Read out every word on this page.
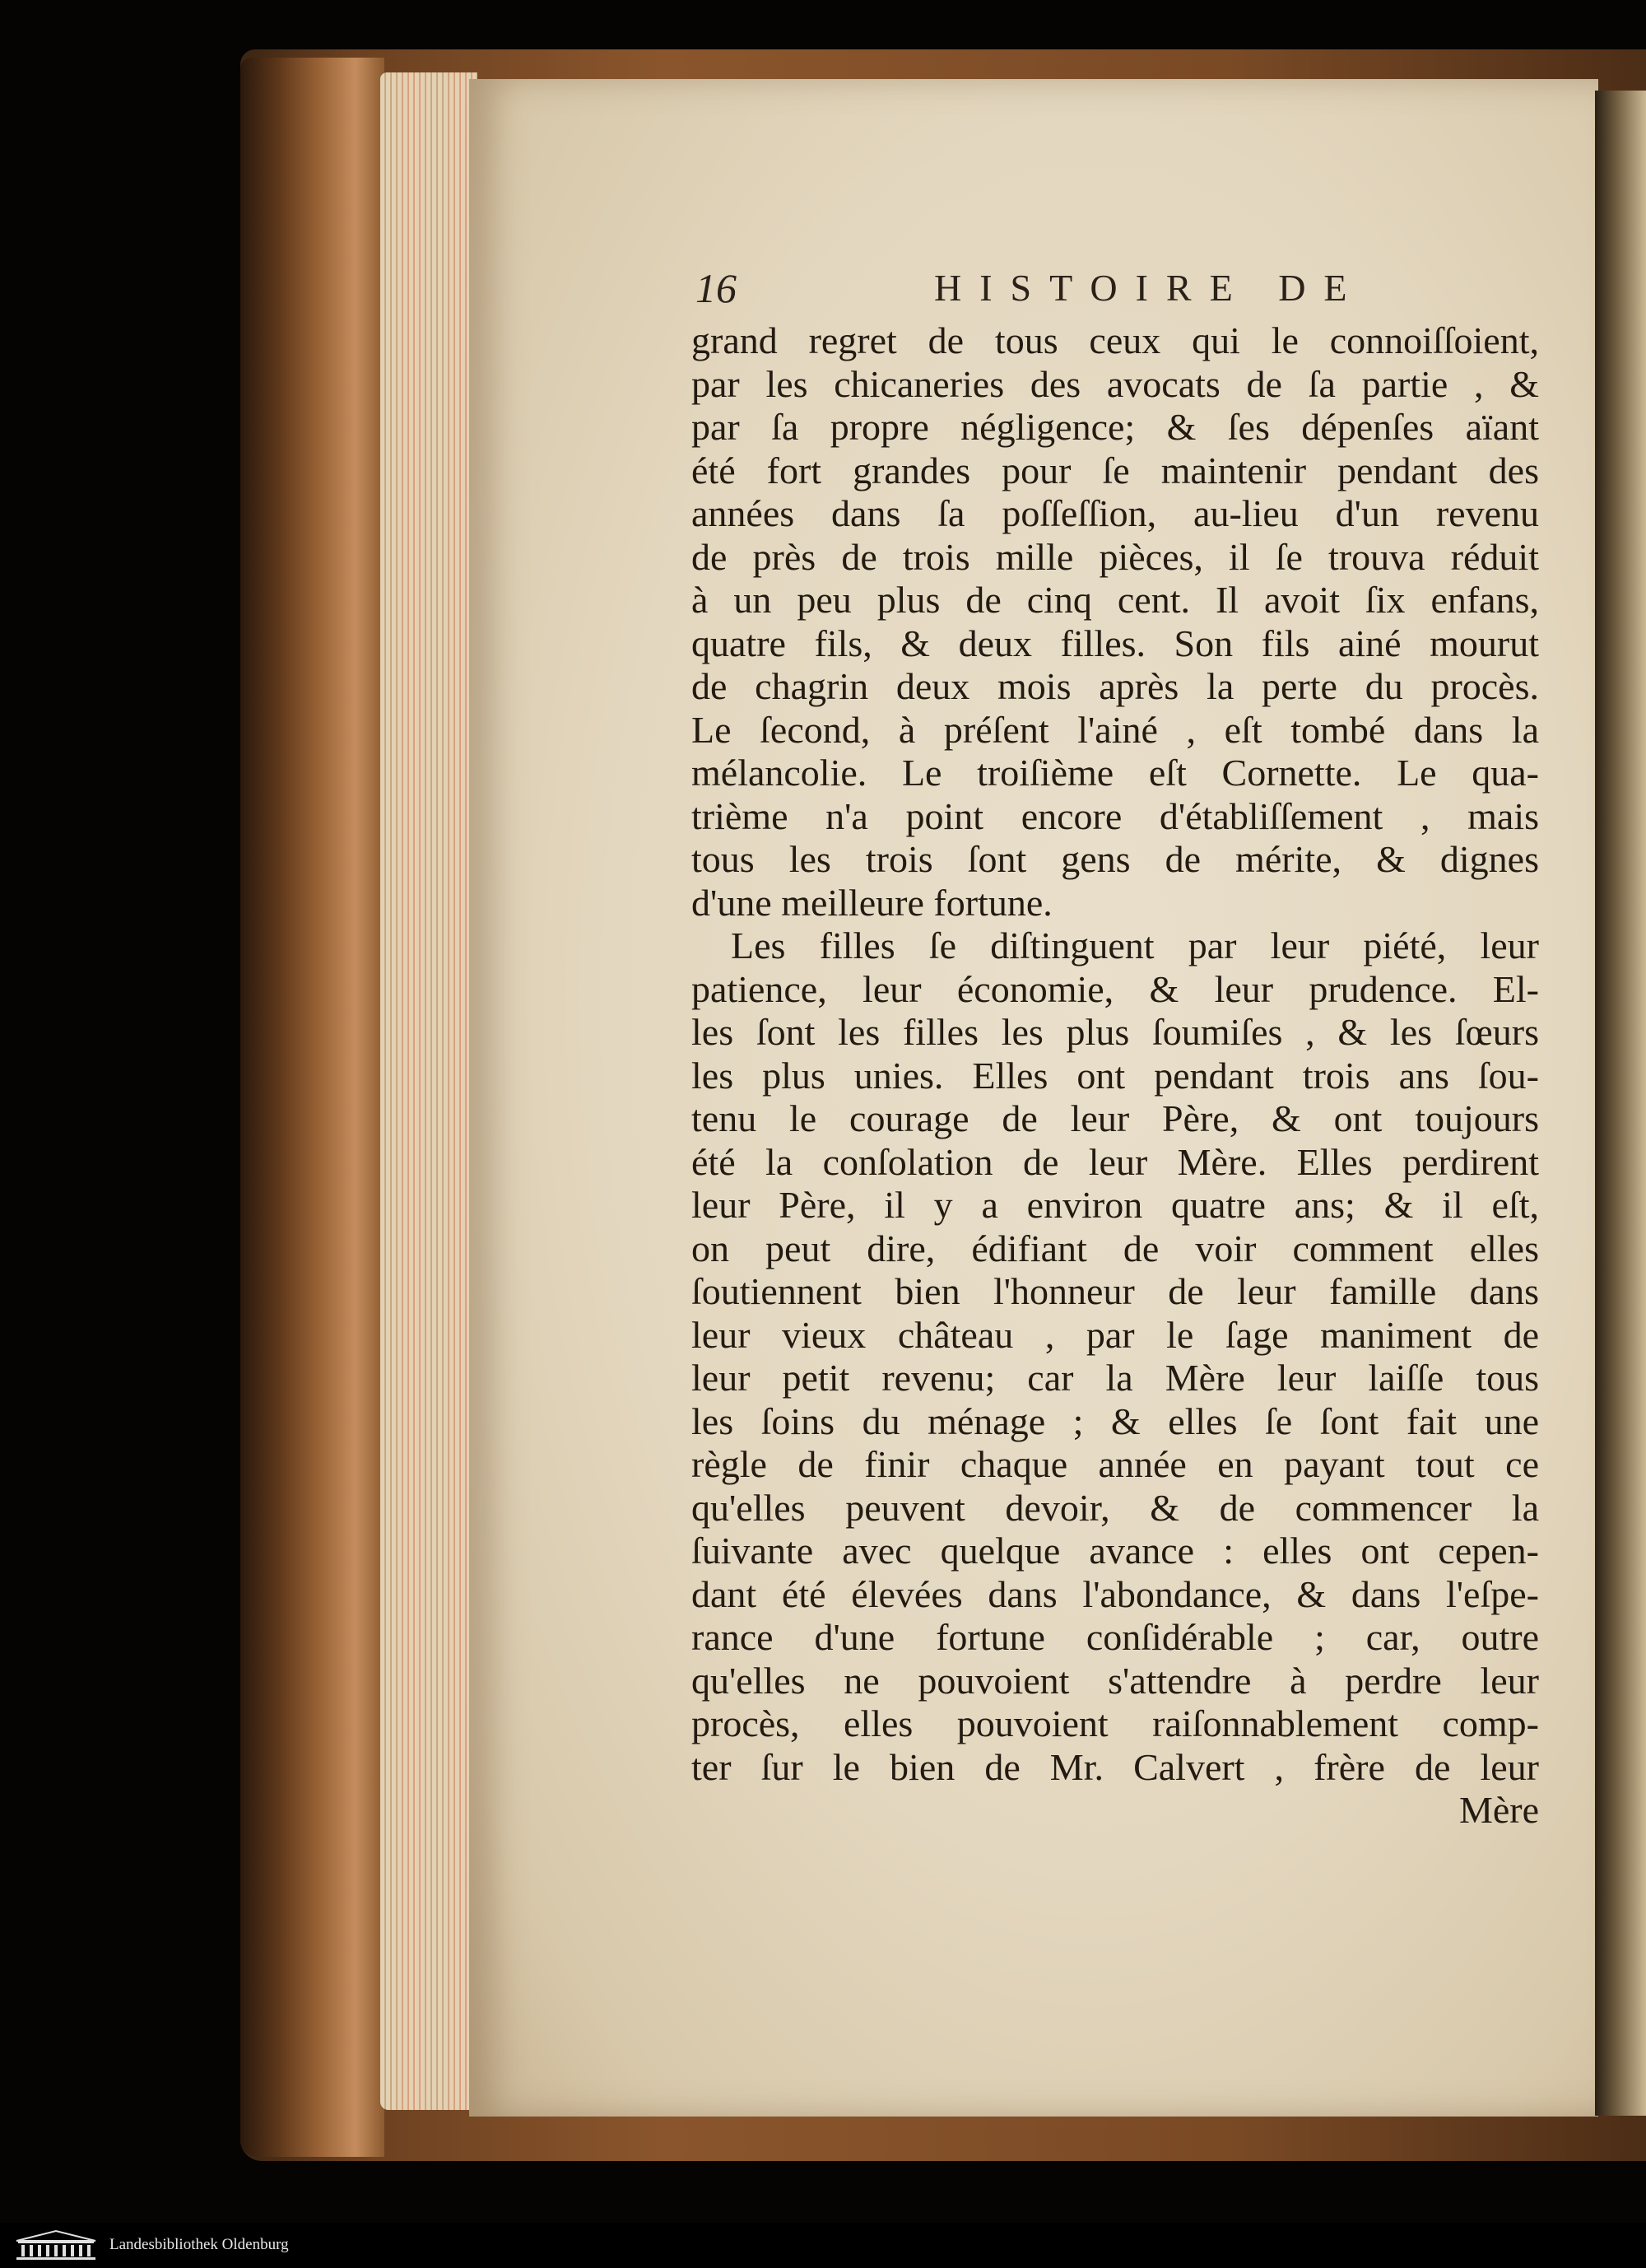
16	HISTOIRE DE
grand regret de tous ceux qui le connoiſſoient,
par les chicaneries des avocats de ſa partie , &
par ſa propre négligence; & ſes dépenſes aïant
été fort grandes pour ſe maintenir pendant des
années dans ſa poſſeſſion, au-lieu d'un revenu
de près de trois mille pièces, il ſe trouva réduit
à un peu plus de cinq cent. Il avoit ſix enfans,
quatre fils, & deux filles. Son fils ainé mourut
de chagrin deux mois après la perte du procès.
Le ſecond, à préſent l'ainé , eſt tombé dans la
mélancolie. Le troiſième eſt Cornette. Le qua-
trième n'a point encore d'établiſſement , mais
tous les trois ſont gens de mérite, & dignes
d'une meilleure fortune.
Les filles ſe diſtinguent par leur piété, leur
patience, leur économie, & leur prudence. El-
les ſont les filles les plus ſoumiſes , & les ſœurs
les plus unies. Elles ont pendant trois ans ſou-
tenu le courage de leur Père, & ont toujours
été la conſolation de leur Mère. Elles perdirent
leur Père, il y a environ quatre ans; & il eſt,
on peut dire, édifiant de voir comment elles
ſoutiennent bien l'honneur de leur famille dans
leur vieux château , par le ſage maniment de
leur petit revenu; car la Mère leur laiſſe tous
les ſoins du ménage ; & elles ſe ſont fait une
règle de finir chaque année en payant tout ce
qu'elles peuvent devoir, & de commencer la
ſuivante avec quelque avance : elles ont cepen-
dant été élevées dans l'abondance, & dans l'eſpe-
rance d'une fortune conſidérable ; car, outre
qu'elles ne pouvoient s'attendre à perdre leur
procès, elles pouvoient raiſonnablement comp-
ter ſur le bien de Mr. Calvert , frère de leur
Mère
Landesbibliothek Oldenburg
